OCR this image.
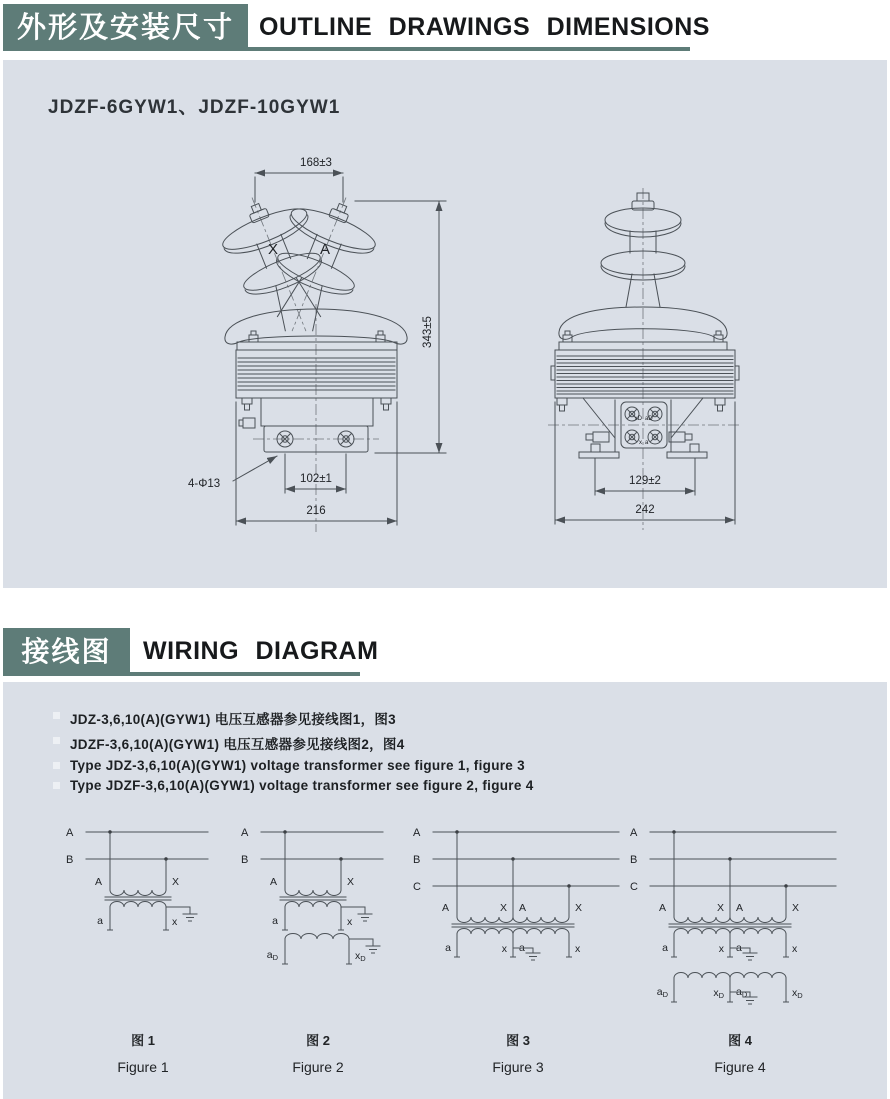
外形及安装尺寸 OUTLINE DRAWINGS DIMENSIONS
JDZF-6GYW1、JDZF-10GYW1
X	A
168±3
343±5
4-Φ13	102±1
216
xD aD
x a
129±2
242
接线图 WIRING DIAGRAM
JDZ-3,6,10(A)(GYW1) 电压互感器参见接线图1，图3
JDZF-3,6,10(A)(GYW1) 电压互感器参见接线图2，图4
Type JDZ-3,6,10(A)(GYW1) voltage transformer see figure 1, figure 3
Type JDZF-3,6,10(A)(GYW1) voltage transformer see figure 2, figure 4
A
B
A	X
a	x
A
B
A	X
a	x
aD	xD
A
B
C
A	X A	X
a	x a	x
A
B
C
A	X A	X
a	x a	x
aD	xD aD	xD
图 1
Figure 1
图 2
Figure 2
图 3
Figure 3
图 4
Figure 4
